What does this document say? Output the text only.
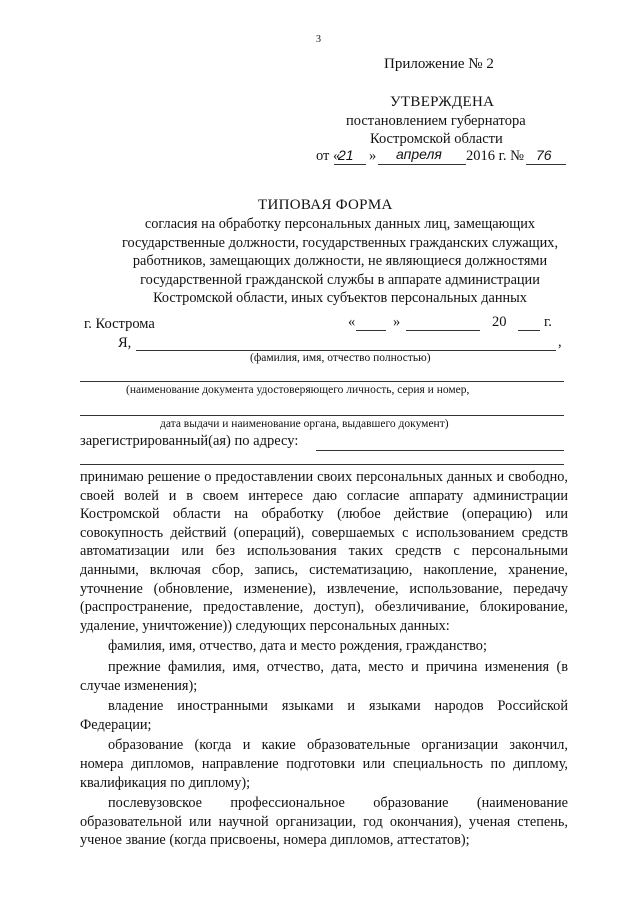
3
Приложение № 2
УТВЕРЖДЕНА
постановлением губернатора
Костромской области
от «
21 » апреля 2016 г. № 76
ТИПОВАЯ ФОРМА
согласия на обработку персональных данных лиц, замещающих
государственные должности, государственных гражданских служащих,
работников, замещающих должности, не являющиеся должностями
государственной гражданской службы в аппарате администрации
Костромской области, иных субъектов персональных данных
г. Кострома	«	»	20	г.
Я,	,
(фамилия, имя, отчество полностью)
(наименование документа удостоверяющего личность, серия и номер,
дата выдачи и наименование органа, выдавшего документ)
зарегистрированный(ая) по адресу:

принимаю решение о предоставлении своих персональных данных и свободно, своей волей и в своем интересе даю согласие аппарату администрации Костромской области на обработку (любое действие (операцию) или совокупность действий (операций), совершаемых с использованием средств автоматизации или без использования таких средств с персональными данными, включая сбор, запись, систематизацию, накопление, хранение, уточнение (обновление, изменение), извлечение, использование, передачу (распространение, предоставление, доступ), обезличивание, блокирование, удаление, уничтожение)) следующих персональных данных:

фамилия, имя, отчество, дата и место рождения, гражданство;

прежние фамилия, имя, отчество, дата, место и причина изменения (в случае изменения);

владение иностранными языками и языками народов Российской Федерации;

образование (когда и какие образовательные организации закончил, номера дипломов, направление подготовки или специальность по диплому, квалификация по диплому);

послевузовское профессиональное образование (наименование образовательной или научной организации, год окончания), ученая степень, ученое звание (когда присвоены, номера дипломов, аттестатов);
